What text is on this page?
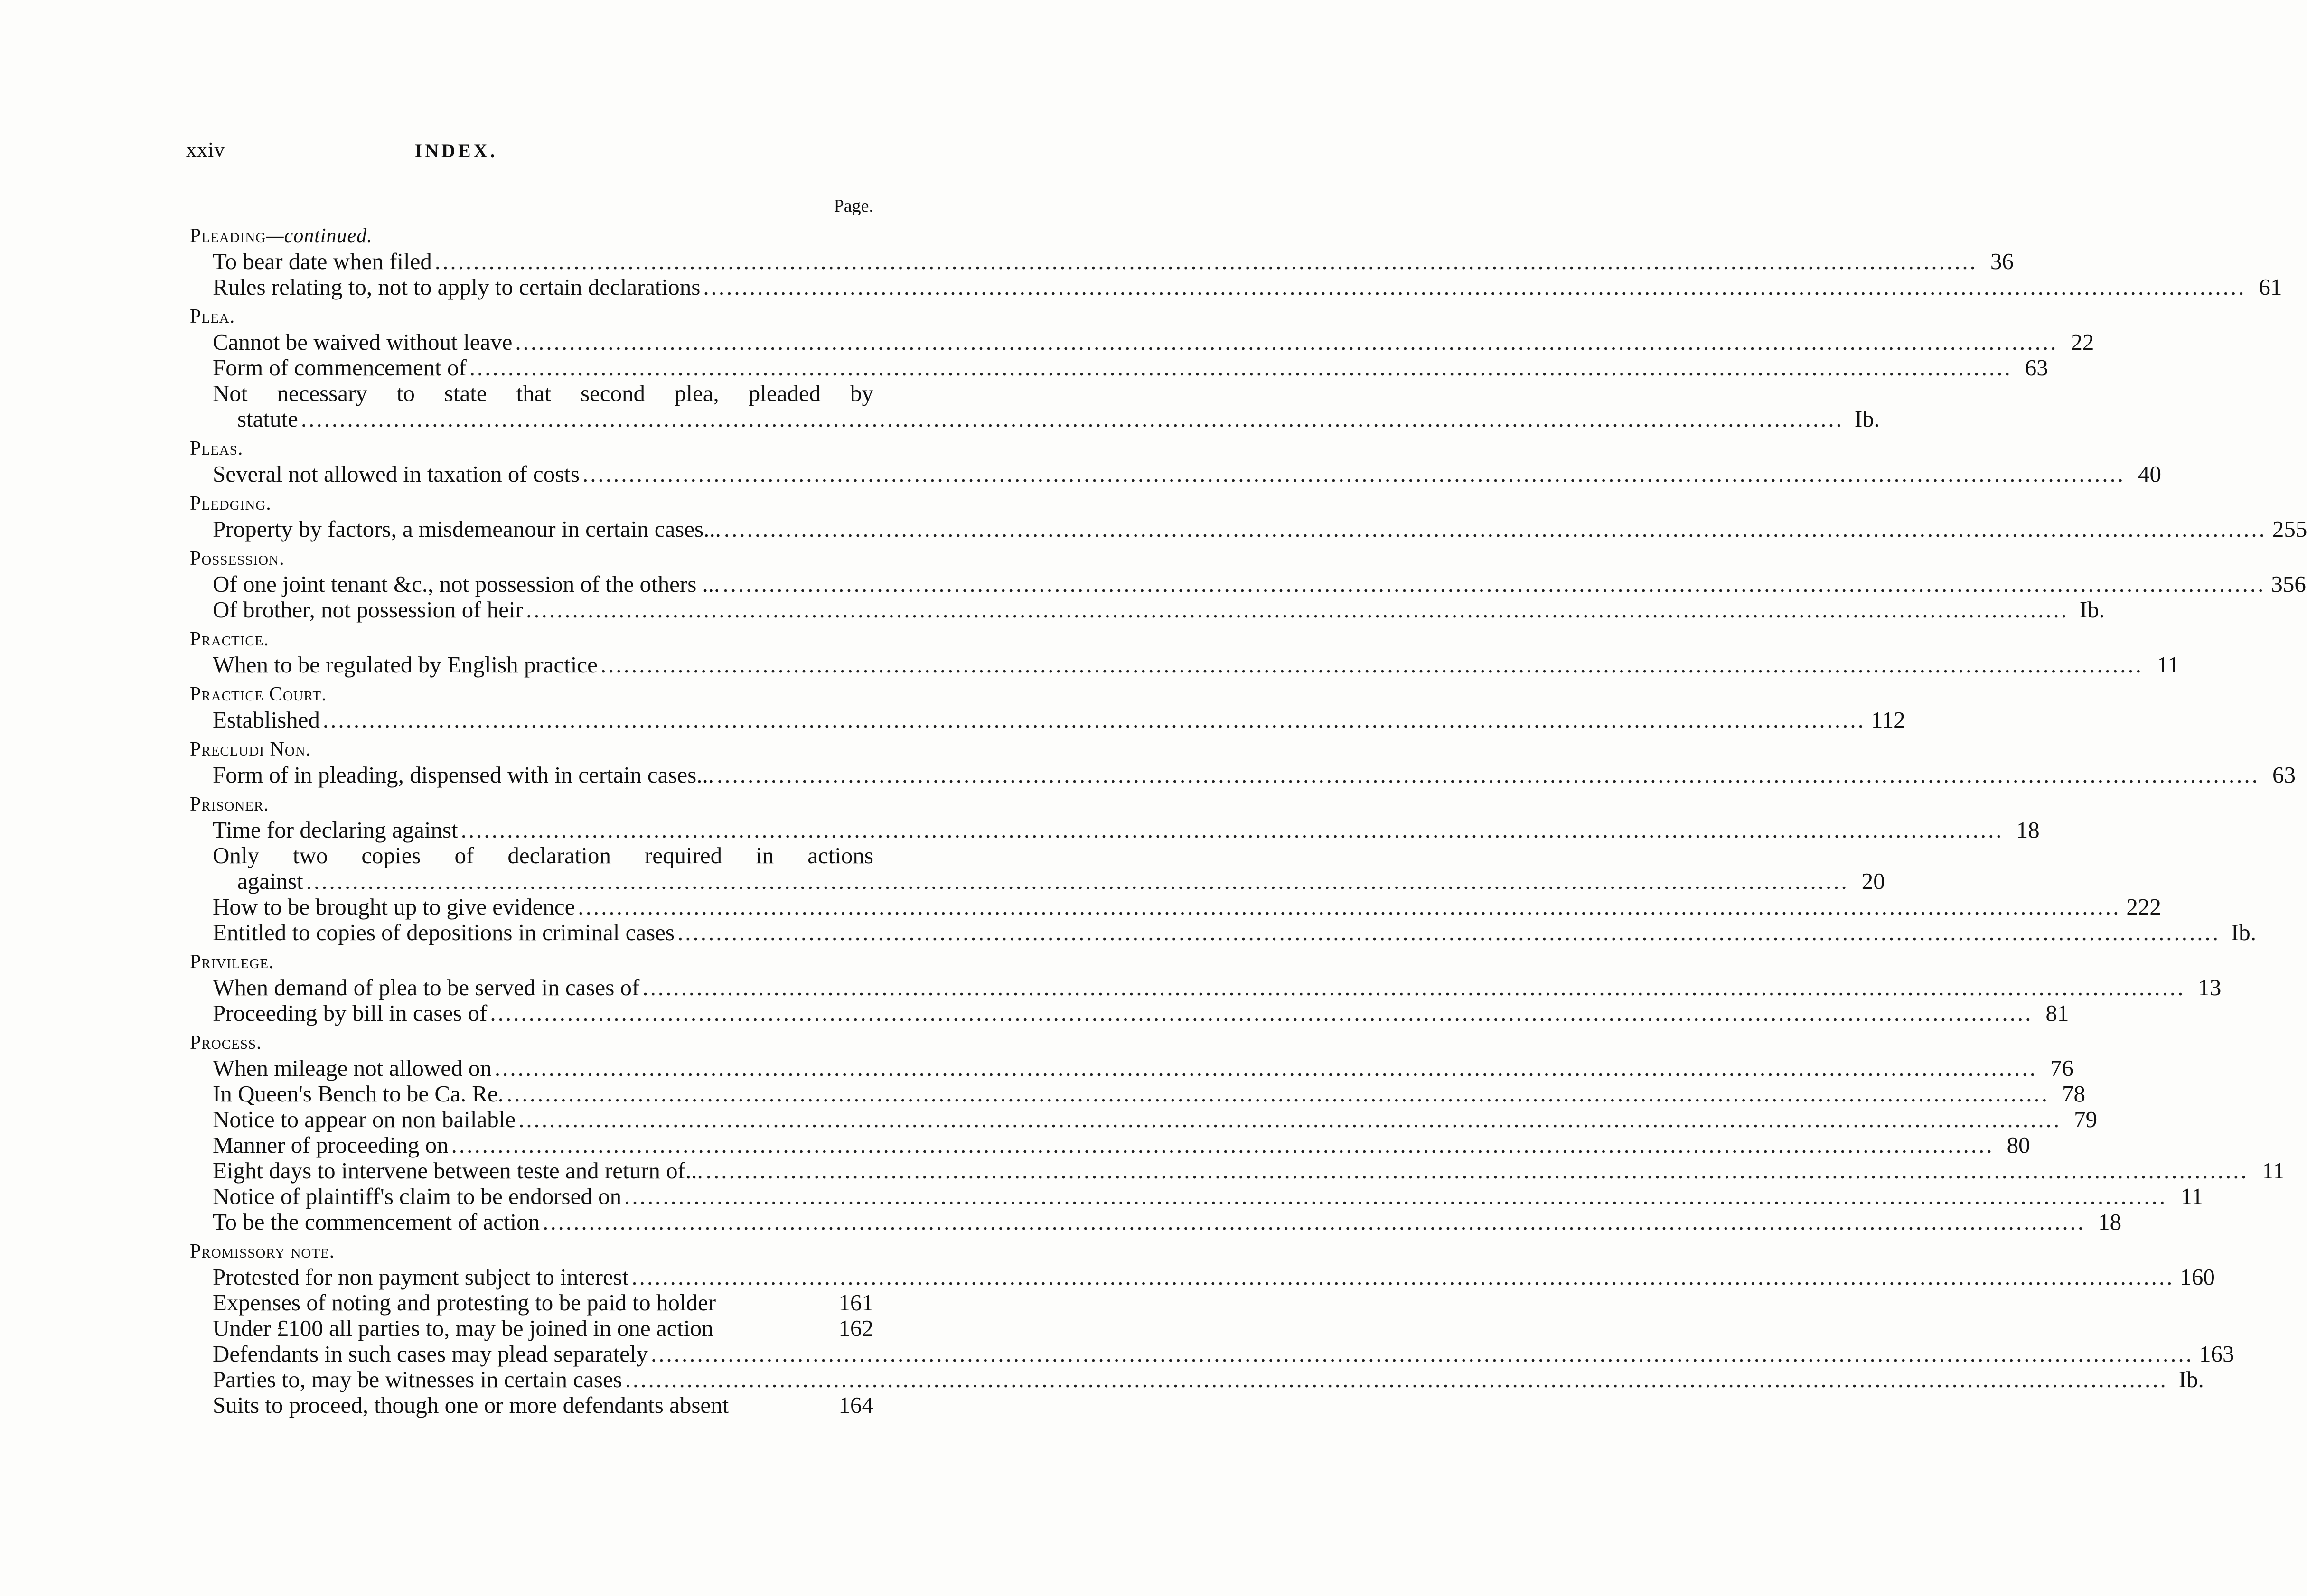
xxiv	INDEX.
Page.
Pleading—continued.
To bear date when filed .....	36
Rules relating to, not to apply to certain declarations .....	61
Plea.
Cannot be waived without leave .....	22
Form of commencement of .....	63
Not necessary to state that second plea, pleaded by
statute .....	Ib.
Pleas.
Several not allowed in taxation of costs .....	40
Pledging.
Property by factors, a misdemeanour in certain cases... .....	255
Possession.
Of one joint tenant &c., not possession of the others ... .....	356
Of brother, not possession of heir .....	Ib.
Practice.
When to be regulated by English practice .....	11
Practice Court.
Established .....	112
Precludi Non.
Form of in pleading, dispensed with in certain cases... .....	63
Prisoner.
Time for declaring against .....	18
Only two copies of declaration required in actions
against .....	20
How to be brought up to give evidence .....	222
Entitled to copies of depositions in criminal cases .....	Ib.
Privilege.
When demand of plea to be served in cases of .....	13
Proceeding by bill in cases of .....	81
Process.
When mileage not allowed on .....	76
In Queen's Bench to be Ca. Re. .....	78
Notice to appear on non bailable .....	79
Manner of proceeding on .....	80
Eight days to intervene between teste and return of... .....	11
Notice of plaintiff's claim to be endorsed on .....	11
To be the commencement of action .....	18
Promissory note.
Protested for non payment subject to interest .....	160
Expenses of noting and protesting to be paid to holder	161
Under £100 all parties to, may be joined in one action	162
Defendants in such cases may plead separately .....	163
Parties to, may be witnesses in certain cases .....	Ib.
Suits to proceed, though one or more defendants absent	164
